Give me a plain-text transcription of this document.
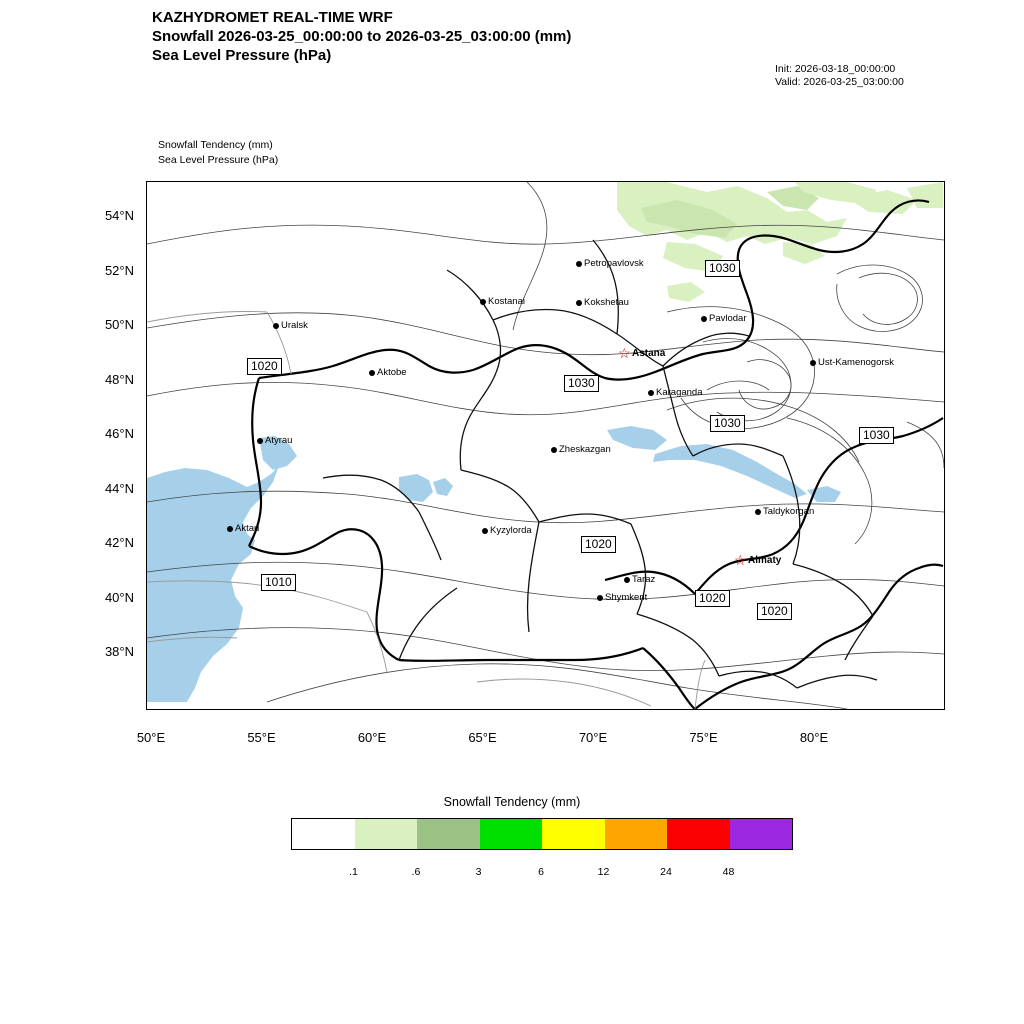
KAZHYDROMET REAL-TIME WRF
Snowfall 2026-03-25_00:00:00 to 2026-03-25_03:00:00 (mm)
Sea Level Pressure (hPa)
Init: 2026-03-18_00:00:00
Valid: 2026-03-25_03:00:00
Snowfall Tendency (mm)
Sea Level Pressure (hPa)
Petropavlovsk
Kostanai	Kokshetau
Pavlodar
Uralsk
☆ Astana
Aktobe
Ust-Kamenogorsk
Karaganda
Atyrau
Zheskazgan
Taldykorgan
Aktau	Kyzylorda
☆ Almaty
Taraz
Shymkent
1020
1030
1030
1030
1030
1020
1010
1020
1020
54°N
52°N
50°N
48°N
46°N
44°N
42°N
40°N
38°N
50°E	55°E	60°E	65°E	70°E	75°E	80°E
Snowfall Tendency (mm)
.1	.6	3	6	12	24	48
